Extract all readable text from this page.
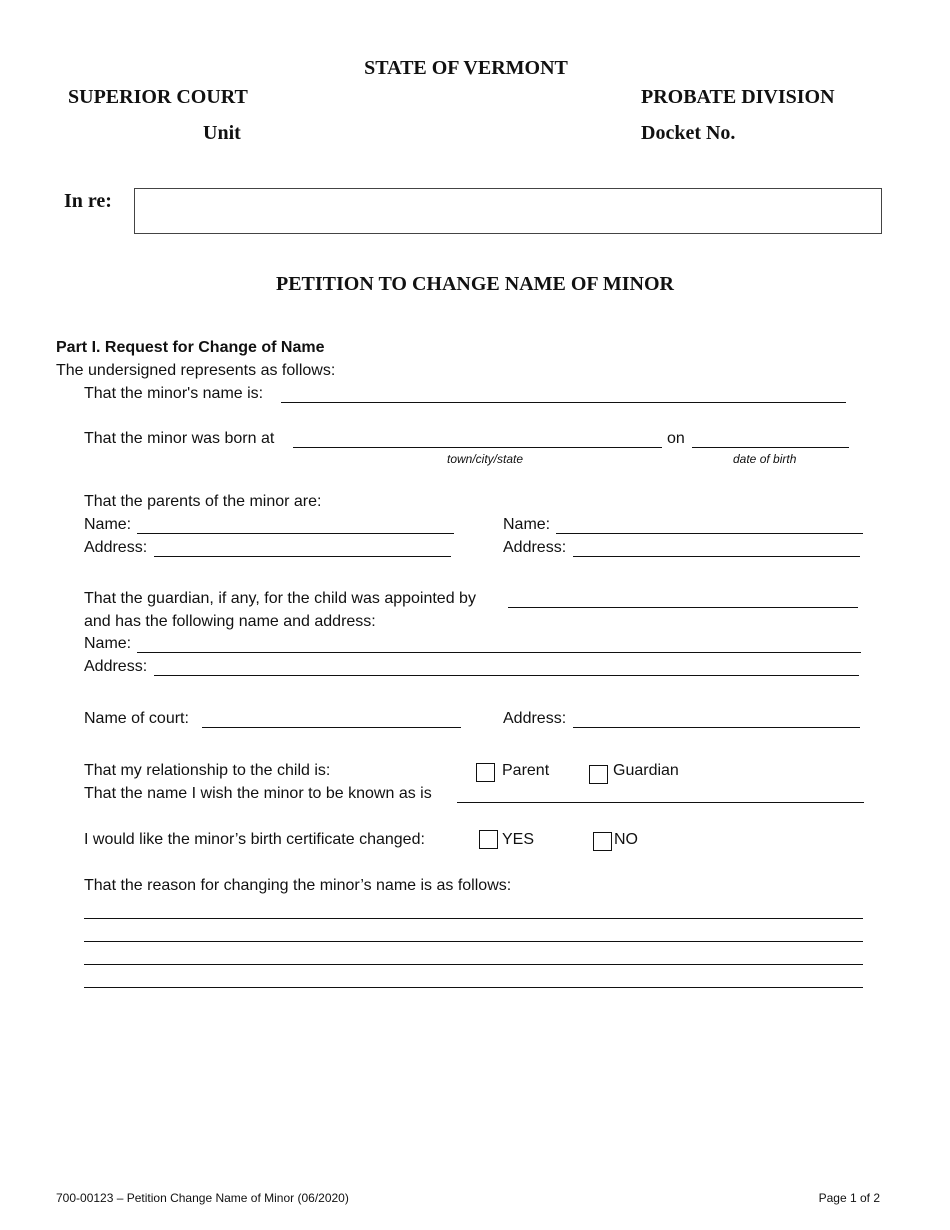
STATE OF VERMONT
SUPERIOR COURT	PROBATE DIVISION
Unit	Docket No.
In re:
PETITION TO CHANGE NAME OF MINOR
Part I. Request for Change of Name
The undersigned represents as follows:
That the minor's name is:
That the minor was born at	on
town/city/state	date of birth
That the parents of the minor are:
Name:	Name:
Address:	Address:
That the guardian, if any, for the child was appointed by
and has the following name and address:
Name:
Address:
Name of court:	Address:
That my relationship to the child is:	Parent	Guardian
That the name I wish the minor to be known as is
I would like the minor’s birth certificate changed:	YES	NO
That the reason for changing the minor’s name is as follows:
700-00123 – Petition Change Name of Minor (06/2020)	Page 1 of 2
